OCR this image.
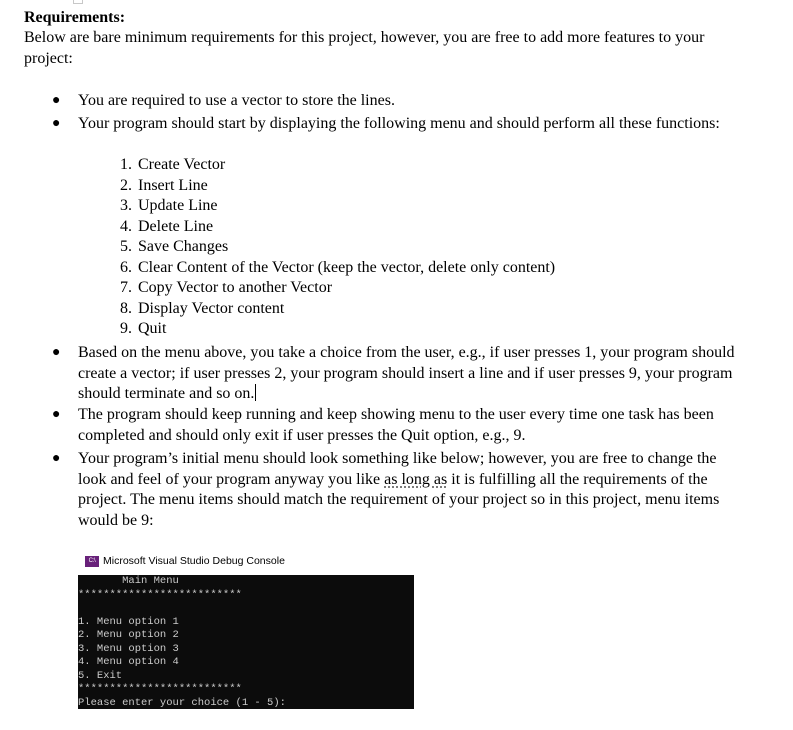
Requirements:
Below are bare minimum requirements for this project, however, you are free to add more features to your project:
● You are required to use a vector to store the lines.
● Your program should start by displaying the following menu and should perform all these functions:
1. Create Vector
2. Insert Line
3. Update Line
4. Delete Line
5. Save Changes
6. Clear Content of the Vector (keep the vector, delete only content)
7. Copy Vector to another Vector
8. Display Vector content
9. Quit
● Based on the menu above, you take a choice from the user, e.g., if user presses 1, your program should create a vector; if user presses 2, your program should insert a line and if user presses 9, your program should terminate and so on.
● The program should keep running and keep showing menu to the user every time one task has been completed and should only exit if user presses the Quit option, e.g., 9.
● Your program’s initial menu should look something like below; however, you are free to change the look and feel of your program anyway you like as long as it is fulfilling all the requirements of the project. The menu items should match the requirement of your project so in this project, menu items would be 9:
C:\ Microsoft Visual Studio Debug Console
Main Menu
**************************
1. Menu option 1
2. Menu option 2
3. Menu option 3
4. Menu option 4
5. Exit
**************************
Please enter your choice (1 - 5):
